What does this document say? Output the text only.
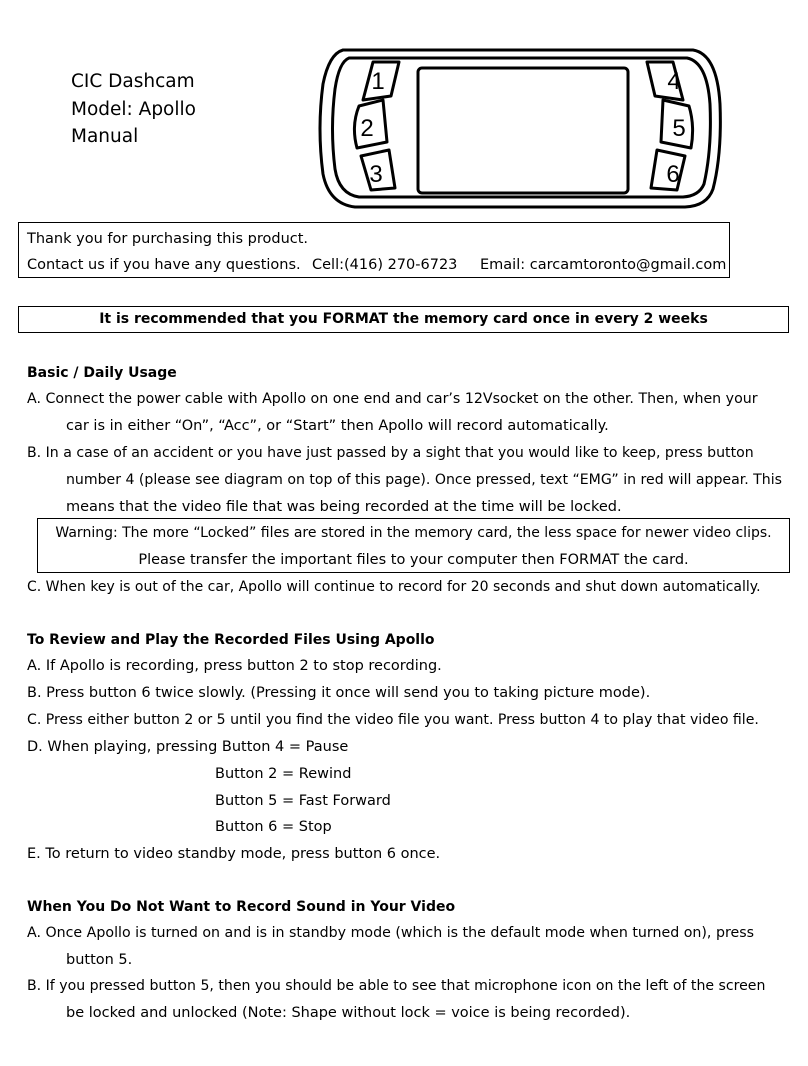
CIC Dashcam
Model: Apollo
Manual
1
2
3
4
5
6
Thank you for purchasing this product.
Contact us if you have any questions. Cell:(416) 270-6723 Email: carcamtoronto@gmail.com
It is recommended that you FORMAT the memory card once in every 2 weeks
Basic / Daily Usage
A. Connect the power cable with Apollo on one end and car’s 12Vsocket on the other. Then, when your
car is in either “On”, “Acc”, or “Start” then Apollo will record automatically.
B. In a case of an accident or you have just passed by a sight that you would like to keep, press button
number 4 (please see diagram on top of this page). Once pressed, text “EMG” in red will appear. This
means that the video file that was being recorded at the time will be locked.
Warning: The more “Locked” files are stored in the memory card, the less space for newer video clips.
Please transfer the important files to your computer then FORMAT the card.
C. When key is out of the car, Apollo will continue to record for 20 seconds and shut down automatically.
To Review and Play the Recorded Files Using Apollo
A. If Apollo is recording, press button 2 to stop recording.
B. Press button 6 twice slowly. (Pressing it once will send you to taking picture mode).
C. Press either button 2 or 5 until you find the video file you want. Press button 4 to play that video file.
D. When playing, pressing Button 4 = Pause
Button 2 = Rewind
Button 5 = Fast Forward
Button 6 = Stop
E. To return to video standby mode, press button 6 once.
When You Do Not Want to Record Sound in Your Video
A. Once Apollo is turned on and is in standby mode (which is the default mode when turned on), press
button 5.
B. If you pressed button 5, then you should be able to see that microphone icon on the left of the screen
be locked and unlocked (Note: Shape without lock = voice is being recorded).
